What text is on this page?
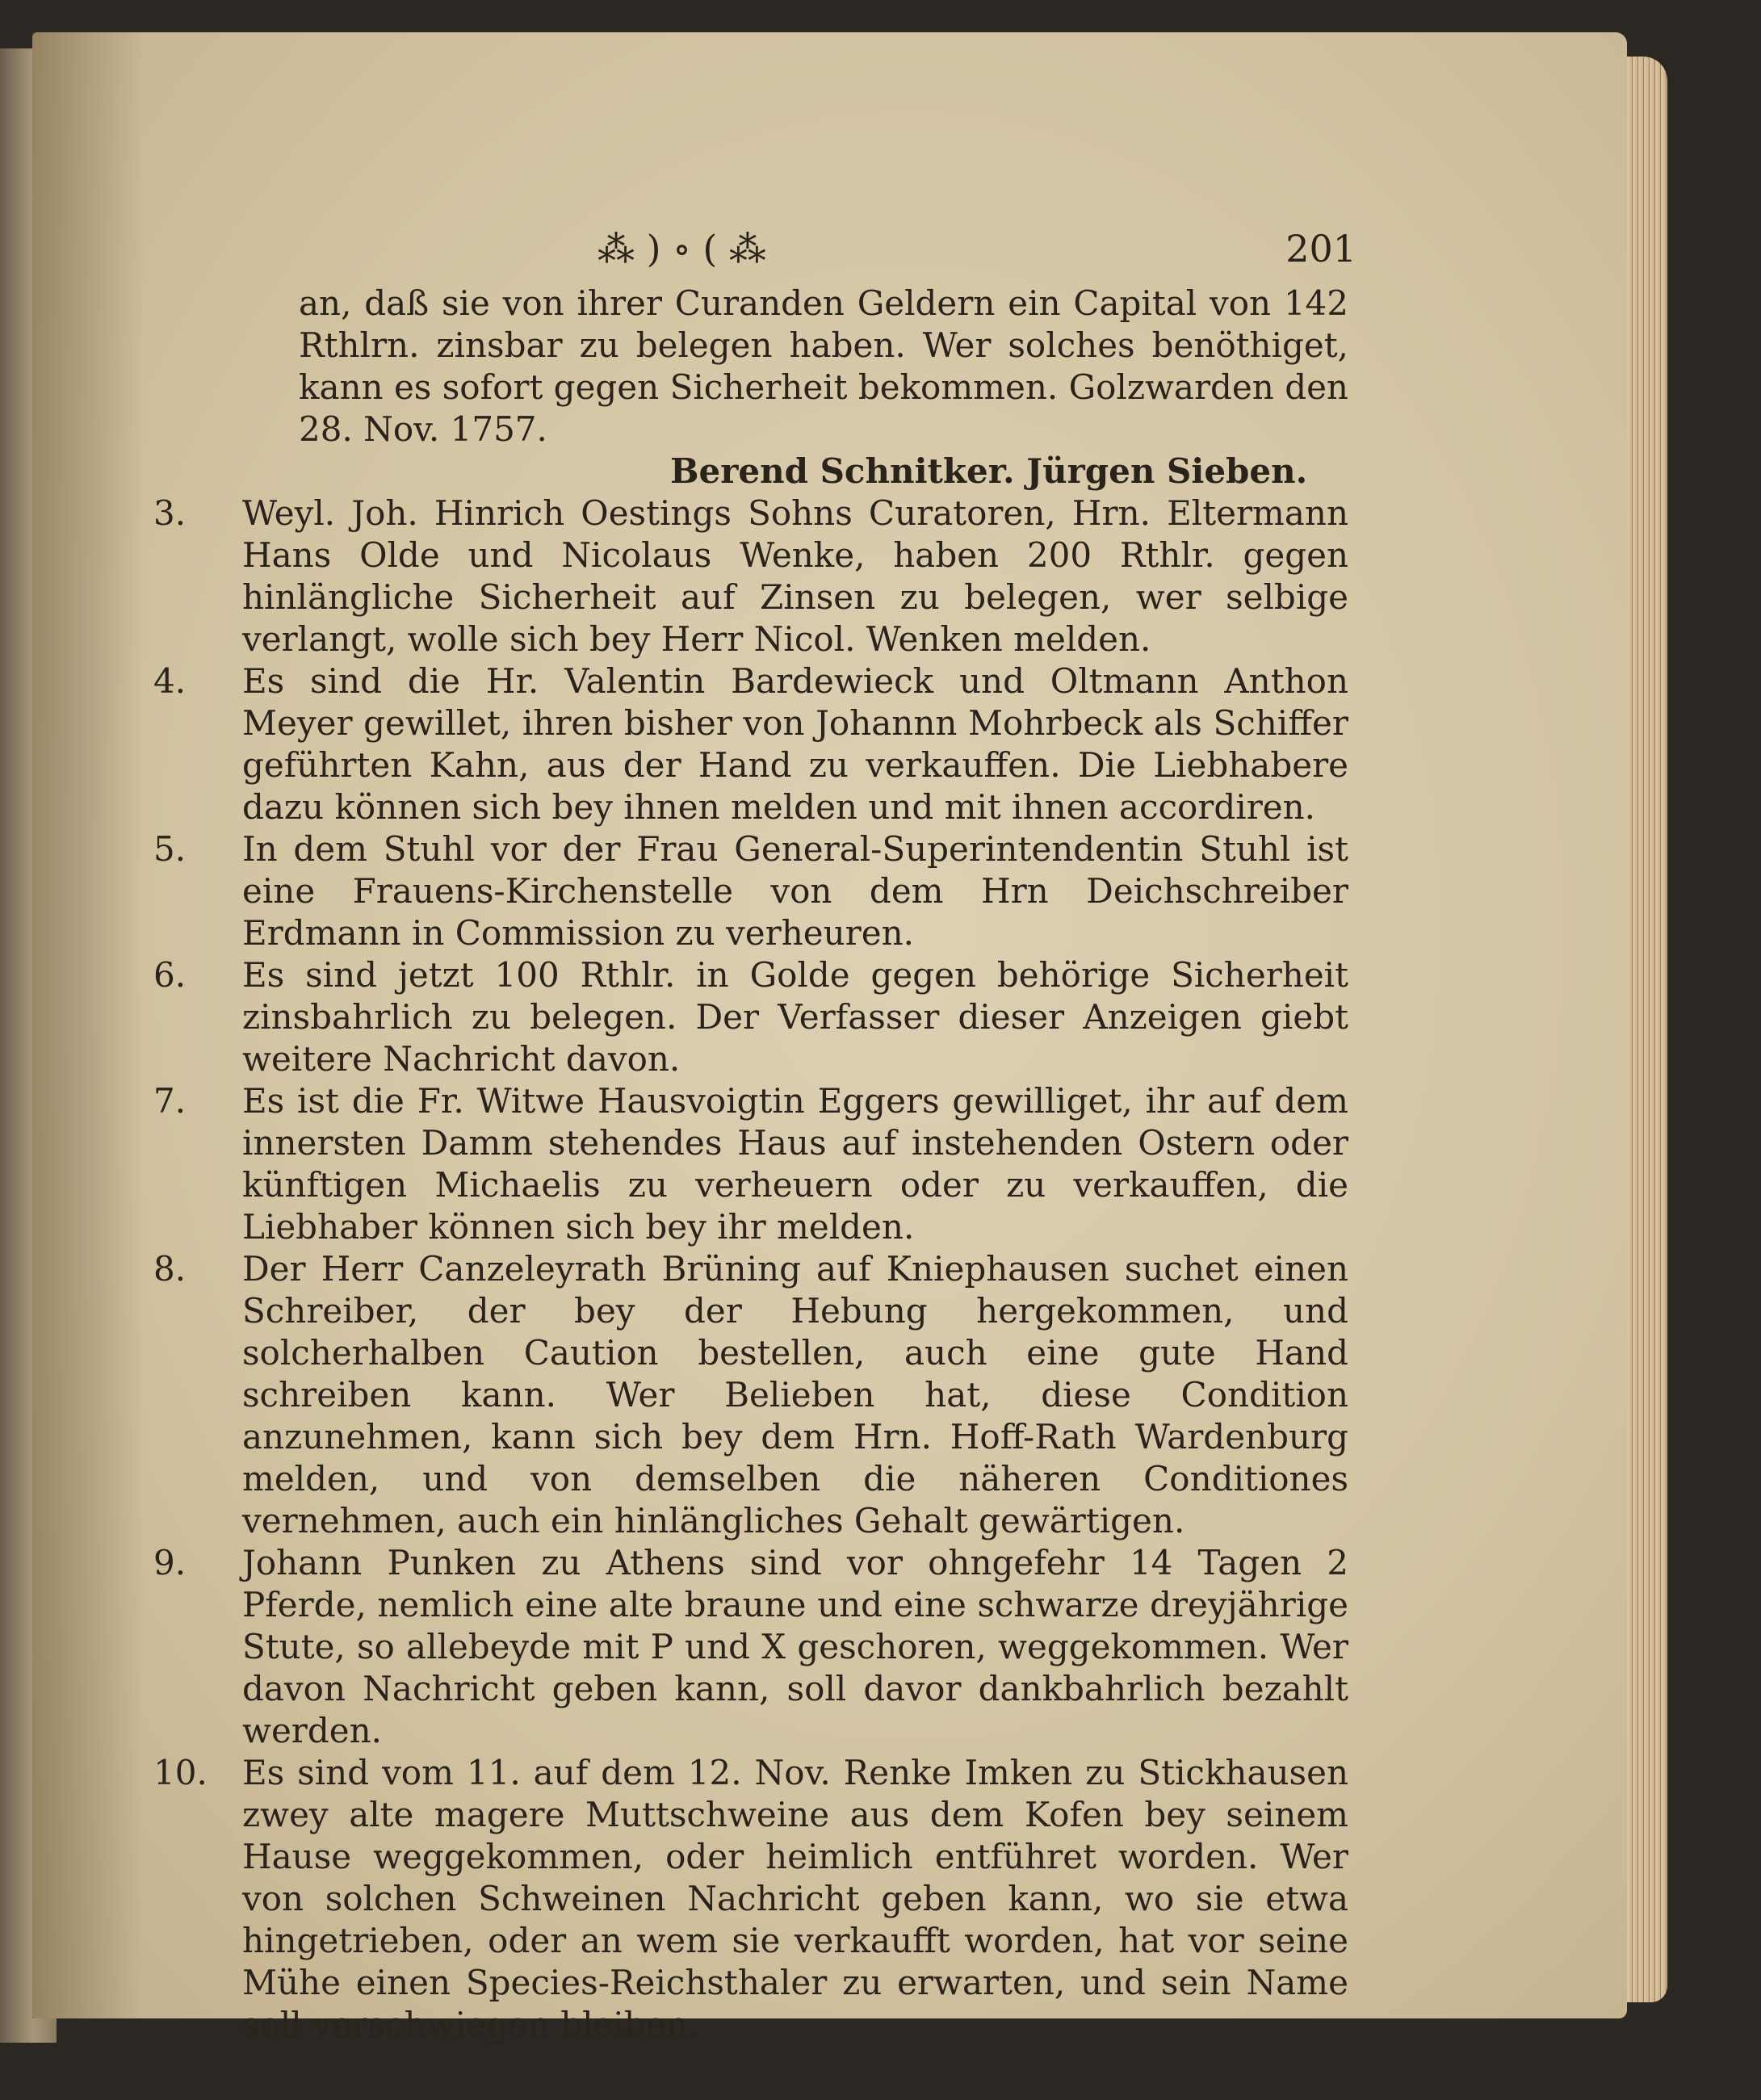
⁂ ) ∘ ( ⁂	201

an, daß sie von ihrer Curanden Geldern ein Capital von 142 Rthlrn. zinsbar zu belegen haben. Wer solches benöthiget, kann es sofort gegen Sicherheit bekommen. Golzwarden den 28. Nov. 1757.

Berend Schnitker. Jürgen Sieben.

3.	Weyl. Joh. Hinrich Oestings Sohns Curatoren, Hrn. Eltermann Hans Olde und Nicolaus Wenke, haben 200 Rthlr. gegen hinlängliche Sicherheit auf Zinsen zu belegen, wer selbige verlangt, wolle sich bey Herr Nicol. Wenken melden.
4.	Es sind die Hr. Valentin Bardewieck und Oltmann Anthon Meyer gewillet, ihren bisher von Johannn Mohrbeck als Schiffer geführten Kahn, aus der Hand zu verkauffen. Die Liebhabere dazu können sich bey ihnen melden und mit ihnen accordiren.
5.	In dem Stuhl vor der Frau General-Superintendentin Stuhl ist eine Frauens-Kirchenstelle von dem Hrn Deichschreiber Erdmann in Commission zu verheuren.
6.	Es sind jetzt 100 Rthlr. in Golde gegen behörige Sicherheit zinsbahrlich zu belegen. Der Verfasser dieser Anzeigen giebt weitere Nachricht davon.
7.	Es ist die Fr. Witwe Hausvoigtin Eggers gewilliget, ihr auf dem innersten Damm stehendes Haus auf instehenden Ostern oder künftigen Michaelis zu verheuern oder zu verkauffen, die Liebhaber können sich bey ihr melden.
8.	Der Herr Canzeleyrath Brüning auf Kniephausen suchet einen Schreiber, der bey der Hebung hergekommen, und solcherhalben Caution bestellen, auch eine gute Hand schreiben kann. Wer Belieben hat, diese Condition anzunehmen, kann sich bey dem Hrn. Hoff-Rath Wardenburg melden, und von demselben die näheren Conditiones vernehmen, auch ein hinlängliches Gehalt gewärtigen.
9.	Johann Punken zu Athens sind vor ohngefehr 14 Tagen 2 Pferde, nemlich eine alte braune und eine schwarze dreyjährige Stute, so allebeyde mit P und X geschoren, weggekommen. Wer davon Nachricht geben kann, soll davor dankbahrlich bezahlt werden.
10.	Es sind vom 11. auf dem 12. Nov. Renke Imken zu Stickhausen zwey alte magere Muttschweine aus dem Kofen bey seinem Hause weggekommen, oder heimlich entführet worden. Wer von solchen Schweinen Nachricht geben kann, wo sie etwa hingetrieben, oder an wem sie verkaufft worden, hat vor seine Mühe einen Species-Reichsthaler zu erwarten, und sein Name soll verschwiegen bleiben.
